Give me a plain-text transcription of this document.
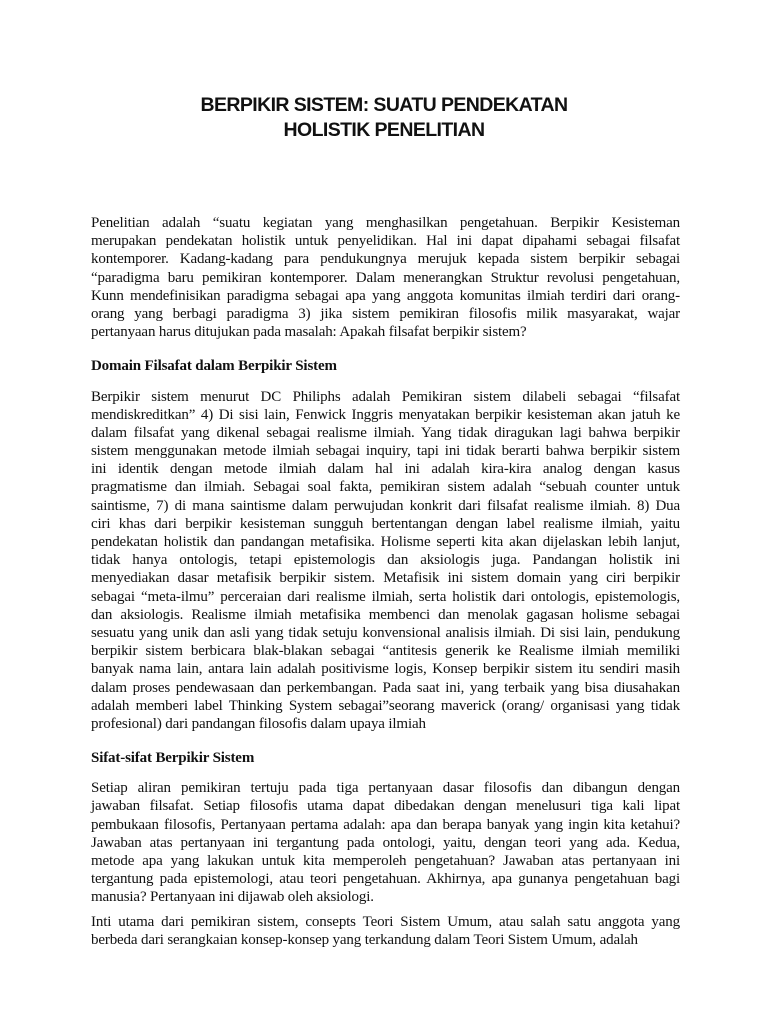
BERPIKIR SISTEM: SUATU PENDEKATAN
HOLISTIK PENELITIAN
Penelitian adalah “suatu kegiatan yang menghasilkan pengetahuan. Berpikir Kesisteman
merupakan pendekatan holistik untuk penyelidikan. Hal ini dapat dipahami sebagai filsafat
kontemporer. Kadang-kadang para pendukungnya merujuk kepada sistem berpikir sebagai
“paradigma baru pemikiran kontemporer. Dalam menerangkan Struktur revolusi pengetahuan,
Kunn mendefinisikan paradigma sebagai apa yang anggota komunitas ilmiah terdiri dari orang-
orang yang berbagi paradigma 3) jika sistem pemikiran filosofis milik masyarakat, wajar
pertanyaan harus ditujukan pada masalah: Apakah filsafat berpikir sistem?
Domain Filsafat dalam Berpikir Sistem
Berpikir sistem menurut DC Philiphs adalah Pemikiran sistem dilabeli sebagai “filsafat
mendiskreditkan” 4) Di sisi lain, Fenwick Inggris menyatakan berpikir kesisteman akan jatuh ke
dalam filsafat yang dikenal sebagai realisme ilmiah. Yang tidak diragukan lagi bahwa berpikir
sistem menggunakan metode ilmiah sebagai inquiry, tapi ini tidak berarti bahwa berpikir sistem
ini identik dengan metode ilmiah dalam hal ini adalah kira-kira analog dengan kasus
pragmatisme dan ilmiah. Sebagai soal fakta, pemikiran sistem adalah “sebuah counter untuk
saintisme, 7) di mana saintisme dalam perwujudan konkrit dari filsafat realisme ilmiah. 8) Dua
ciri khas dari berpikir kesisteman sungguh bertentangan dengan label realisme ilmiah, yaitu
pendekatan holistik dan pandangan metafisika. Holisme seperti kita akan dijelaskan lebih lanjut,
tidak hanya ontologis, tetapi epistemologis dan aksiologis juga. Pandangan holistik ini
menyediakan dasar metafisik berpikir sistem. Metafisik ini sistem domain yang ciri berpikir
sebagai “meta-ilmu” perceraian dari realisme ilmiah, serta holistik dari ontologis, epistemologis,
dan aksiologis. Realisme ilmiah metafisika membenci dan menolak gagasan holisme sebagai
sesuatu yang unik dan asli yang tidak setuju konvensional analisis ilmiah. Di sisi lain, pendukung
berpikir sistem berbicara blak-blakan sebagai “antitesis generik ke Realisme ilmiah memiliki
banyak nama lain, antara lain adalah positivisme logis, Konsep berpikir sistem itu sendiri masih
dalam proses pendewasaan dan perkembangan. Pada saat ini, yang terbaik yang bisa diusahakan
adalah memberi label Thinking System sebagai”seorang maverick (orang/ organisasi yang tidak
profesional) dari pandangan filosofis dalam upaya ilmiah
Sifat-sifat Berpikir Sistem
Setiap aliran pemikiran tertuju pada tiga pertanyaan dasar filosofis dan dibangun dengan
jawaban filsafat. Setiap filosofis utama dapat dibedakan dengan menelusuri tiga kali lipat
pembukaan filosofis, Pertanyaan pertama adalah: apa dan berapa banyak yang ingin kita ketahui?
Jawaban atas pertanyaan ini tergantung pada ontologi, yaitu, dengan teori yang ada. Kedua,
metode apa yang lakukan untuk kita memperoleh pengetahuan? Jawaban atas pertanyaan ini
tergantung pada epistemologi, atau teori pengetahuan. Akhirnya, apa gunanya pengetahuan bagi
manusia? Pertanyaan ini dijawab oleh aksiologi.
Inti utama dari pemikiran sistem, consepts Teori Sistem Umum, atau salah satu anggota yang
berbeda dari serangkaian konsep-konsep yang terkandung dalam Teori Sistem Umum, adalah
